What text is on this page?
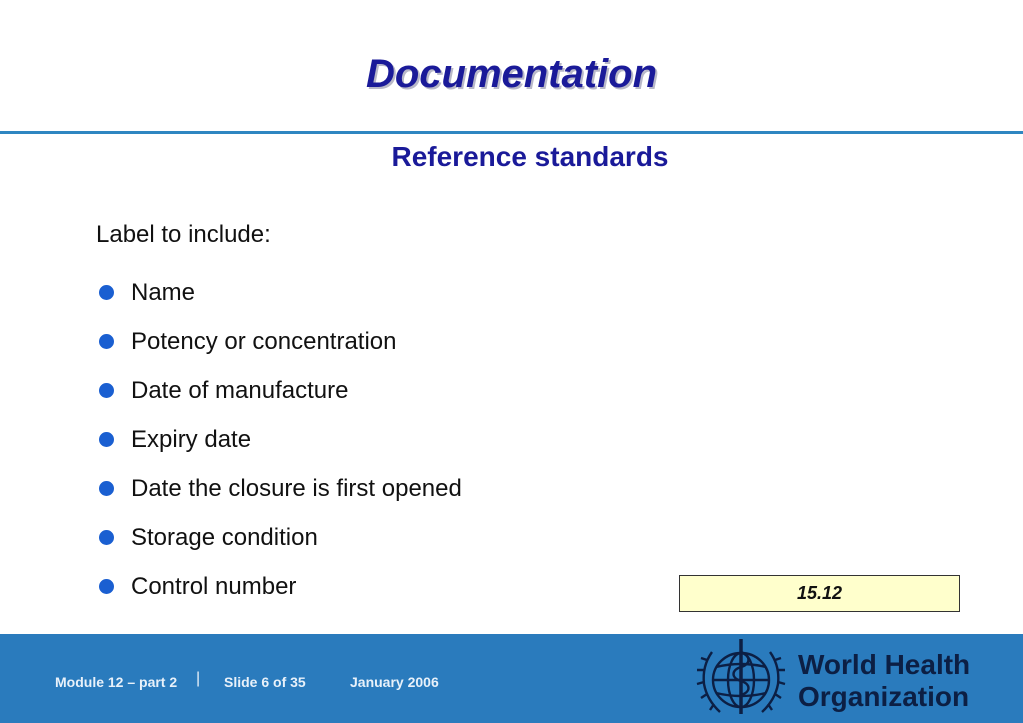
Documentation
Reference standards
Label to include:
Name
Potency or concentration
Date of manufacture
Expiry date
Date the closure is first opened
Storage condition
Control number	15.12
Module 12 – part 2 | Slide 6 of 35	January 2006
World Health
Organization
